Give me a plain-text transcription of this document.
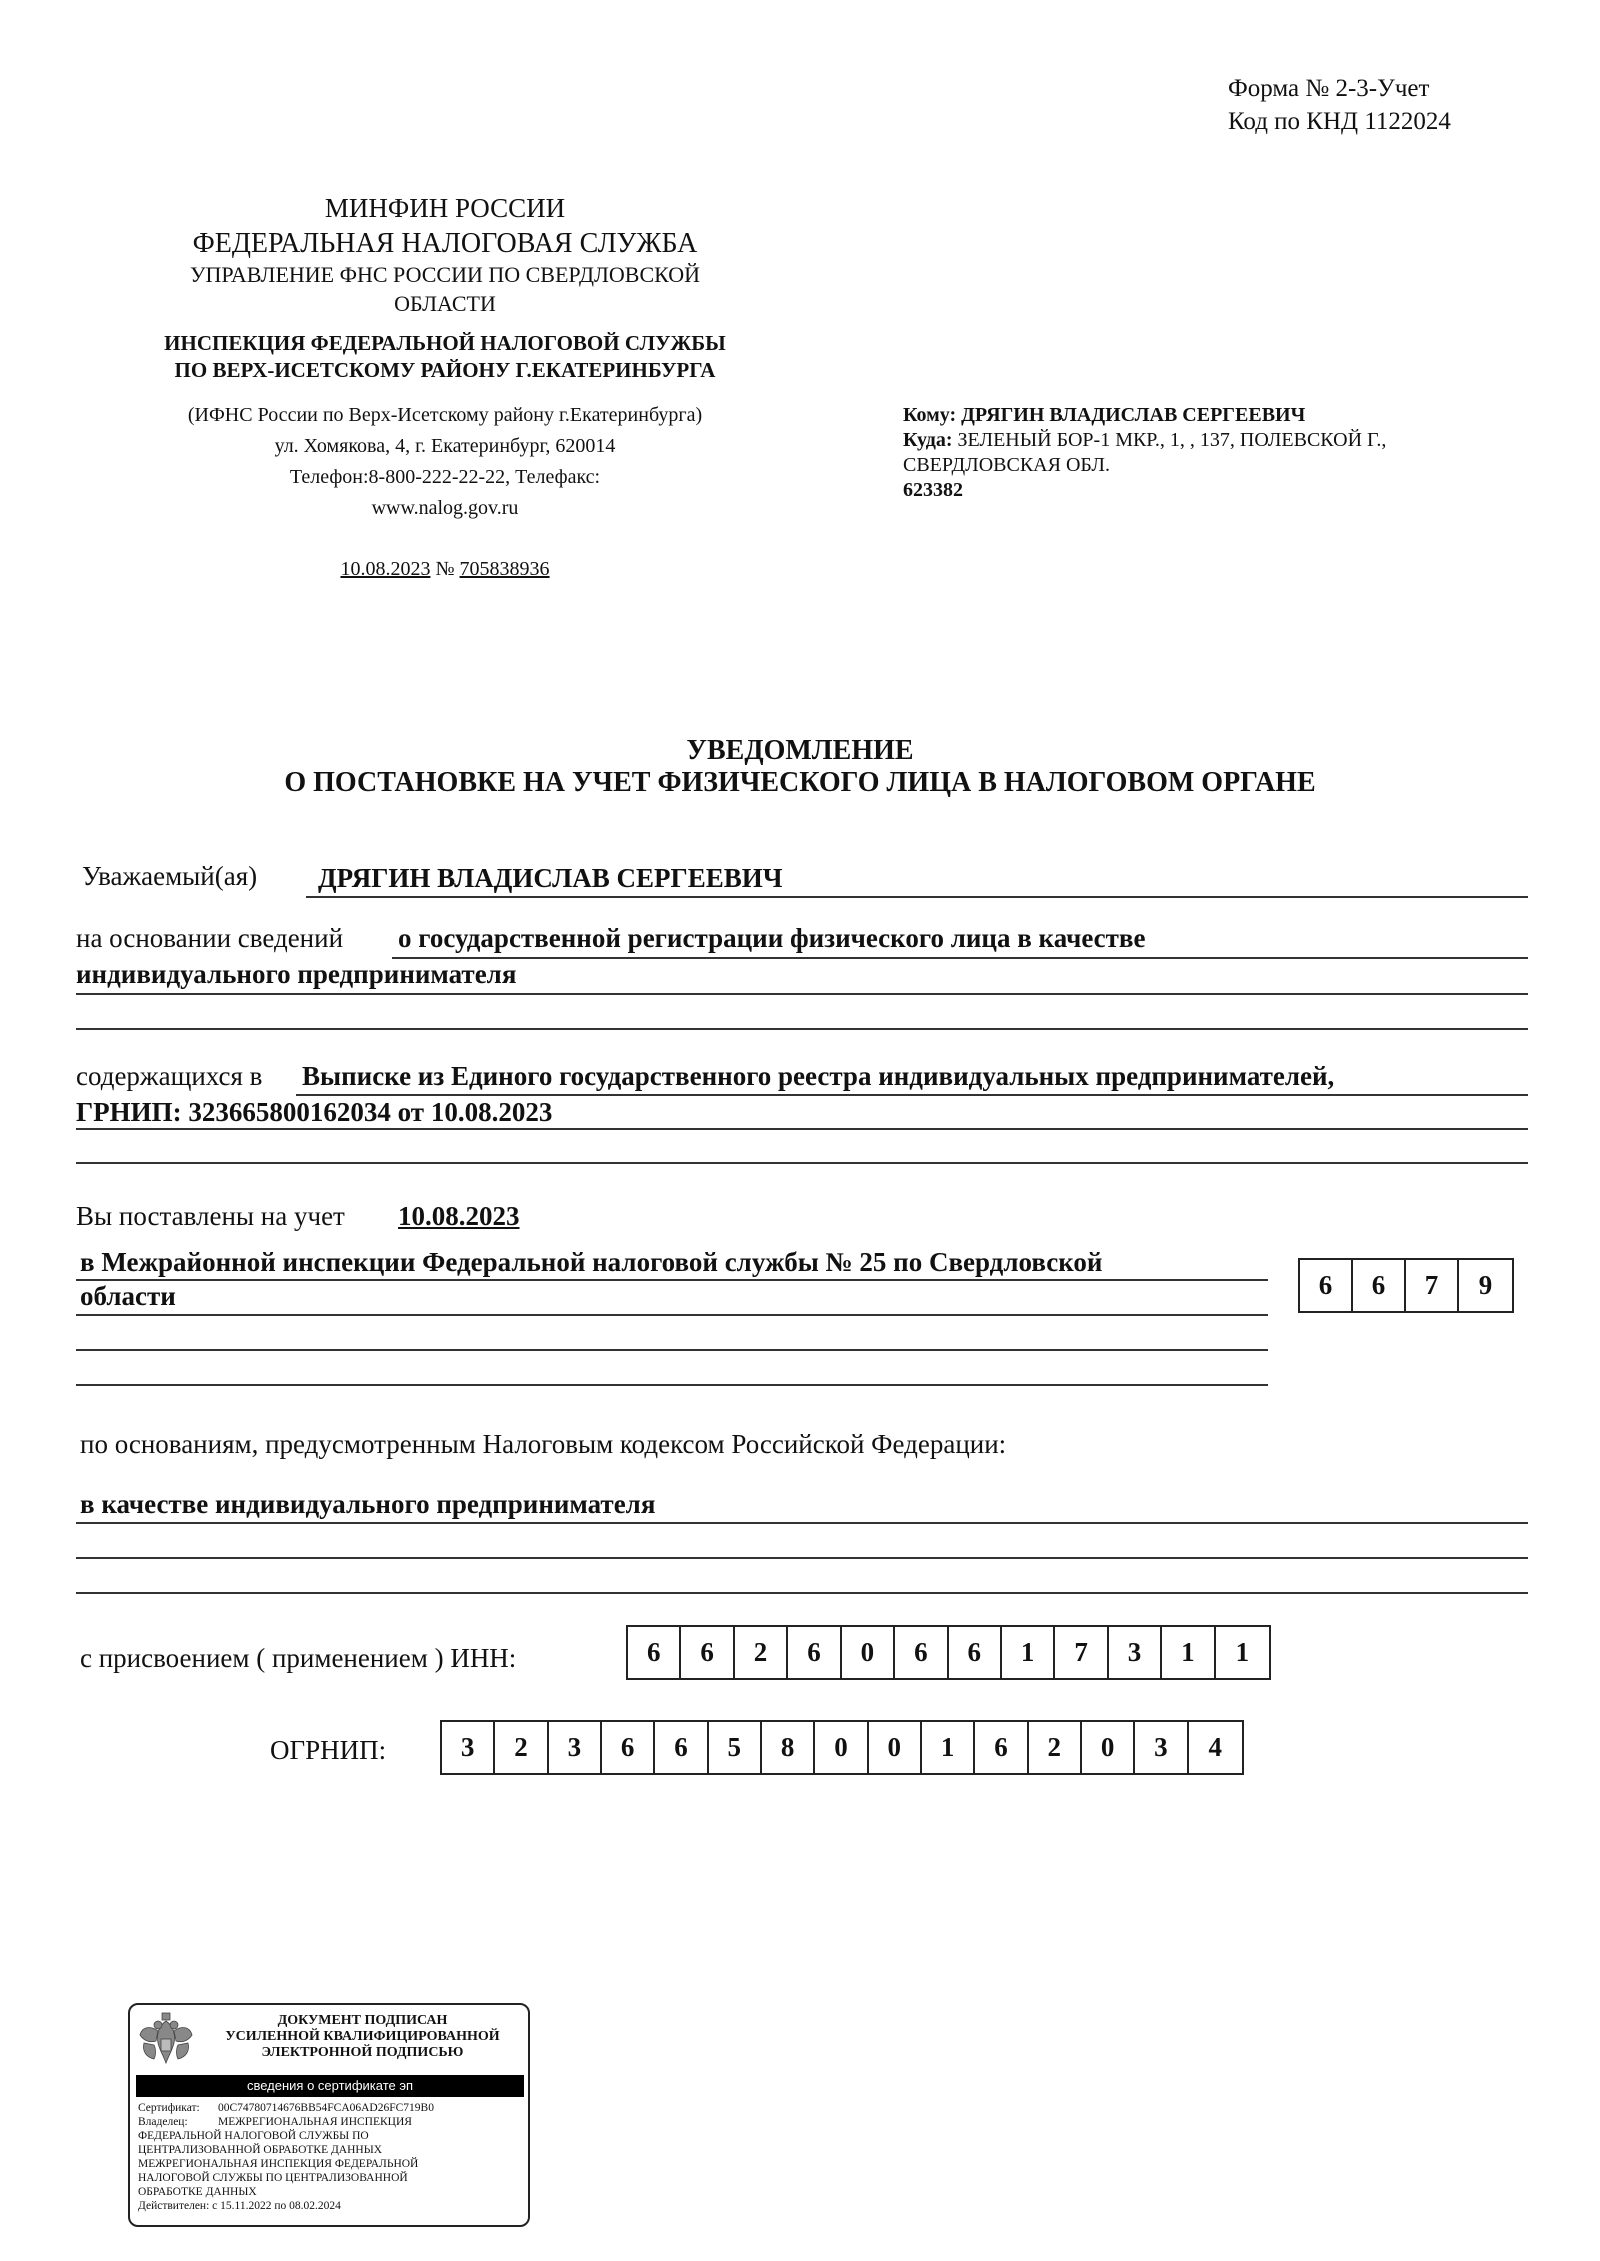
Форма № 2-3-Учет
Код по КНД 1122024
МИНФИН РОССИИ
ФЕДЕРАЛЬНАЯ НАЛОГОВАЯ СЛУЖБА
УПРАВЛЕНИЕ ФНС РОССИИ ПО СВЕРДЛОВСКОЙ
ОБЛАСТИ
ИНСПЕКЦИЯ ФЕДЕРАЛЬНОЙ НАЛОГОВОЙ СЛУЖБЫ
ПО ВЕРХ-ИСЕТСКОМУ РАЙОНУ Г.ЕКАТЕРИНБУРГА
(ИФНС России по Верх-Исетскому району г.Екатеринбурга)
ул. Хомякова, 4, г. Екатеринбург, 620014
Телефон:8-800-222-22-22, Телефакс:
www.nalog.gov.ru
10.08.2023 № 705838936
Кому: ДРЯГИН ВЛАДИСЛАВ СЕРГЕЕВИЧ
Куда: ЗЕЛЕНЫЙ БОР-1 МКР., 1, , 137, ПОЛЕВСКОЙ Г.,
СВЕРДЛОВСКАЯ ОБЛ.
623382
УВЕДОМЛЕНИЕ
О ПОСТАНОВКЕ НА УЧЕТ ФИЗИЧЕСКОГО ЛИЦА В НАЛОГОВОМ ОРГАНЕ
Уважаемый(ая) ДРЯГИН ВЛАДИСЛАВ СЕРГЕЕВИЧ
на основании сведений о государственной регистрации физического лица в качестве
индивидуального предпринимателя
содержащихся в Выписке из Единого государственного реестра индивидуальных предпринимателей,
ГРНИП: 323665800162034 от 10.08.2023
Вы поставлены на учет 10.08.2023
в Межрайонной инспекции Федеральной налоговой службы № 25 по Свердловской
области	6	6	7	9
по основаниям, предусмотренным Налоговым кодексом Российской Федерации:
в качестве индивидуального предпринимателя
с присвоением ( применением ) ИНН:	6	6	2	6	0	6	6	1	7	3	1	1
ОГРНИП:	3	2	3	6	6	5	8	0	0	1	6	2	0	3	4
ДОКУМЕНТ ПОДПИСАН
УСИЛЕННОЙ КВАЛИФИЦИРОВАННОЙ
ЭЛЕКТРОННОЙ ПОДПИСЬЮ
сведения о сертификате эп
Сертификат: 00C74780714676BB54FCA06AD26FC719B0
Владелец:	МЕЖРЕГИОНАЛЬНАЯ ИНСПЕКЦИЯ
ФЕДЕРАЛЬНОЙ НАЛОГОВОЙ СЛУЖБЫ ПО
ЦЕНТРАЛИЗОВАННОЙ ОБРАБОТКЕ ДАННЫХ
МЕЖРЕГИОНАЛЬНАЯ ИНСПЕКЦИЯ ФЕДЕРАЛЬНОЙ
НАЛОГОВОЙ СЛУЖБЫ ПО ЦЕНТРАЛИЗОВАННОЙ
ОБРАБОТКЕ ДАННЫХ
Действителен: с 15.11.2022 по 08.02.2024
